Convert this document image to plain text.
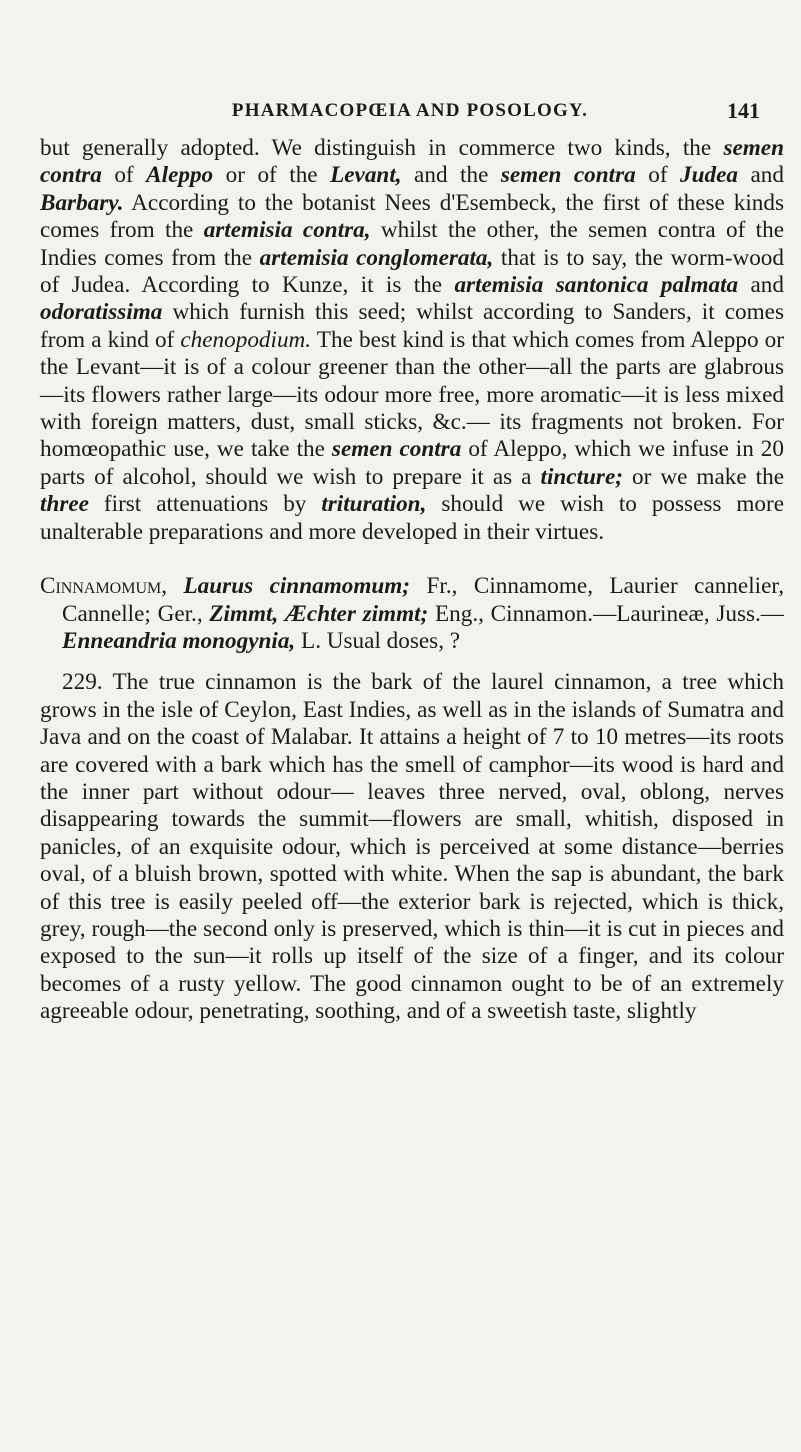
PHARMACOPŒIA AND POSOLOGY.	141

but generally adopted. We distinguish in commerce two kinds, the semen contra of Aleppo or of the Levant, and the semen contra of Judea and Barbary. According to the botanist Nees d'Esembeck, the first of these kinds comes from the artemisia contra, whilst the other, the semen contra of the Indies comes from the artemisia conglomerata, that is to say, the worm-wood of Judea. According to Kunze, it is the artemisia santonica palmata and odoratissima which furnish this seed; whilst according to Sanders, it comes from a kind of chenopodium. The best kind is that which comes from Aleppo or the Levant—it is of a colour greener than the other—all the parts are glabrous—its flowers rather large—its odour more free, more aromatic—it is less mixed with foreign matters, dust, small sticks, &c.— its fragments not broken. For homœopathic use, we take the semen contra of Aleppo, which we infuse in 20 parts of alcohol, should we wish to prepare it as a tincture; or we make the three first attenuations by trituration, should we wish to possess more unalterable preparations and more developed in their virtues.

Cinnamomum, Laurus cinnamomum; Fr., Cinnamome, Laurier cannelier, Cannelle; Ger., Zimmt, Æchter zimmt; Eng., Cinnamon.—Laurineæ, Juss.—Enneandria monogynia, L. Usual doses, ?

229. The true cinnamon is the bark of the laurel cinnamon, a tree which grows in the isle of Ceylon, East Indies, as well as in the islands of Sumatra and Java and on the coast of Malabar. It attains a height of 7 to 10 metres—its roots are covered with a bark which has the smell of camphor—its wood is hard and the inner part without odour— leaves three nerved, oval, oblong, nerves disappearing towards the summit—flowers are small, whitish, disposed in panicles, of an exquisite odour, which is perceived at some distance—berries oval, of a bluish brown, spotted with white. When the sap is abundant, the bark of this tree is easily peeled off—the exterior bark is rejected, which is thick, grey, rough—the second only is preserved, which is thin—it is cut in pieces and exposed to the sun—it rolls up itself of the size of a finger, and its colour becomes of a rusty yellow. The good cinnamon ought to be of an extremely agreeable odour, penetrating, soothing, and of a sweetish taste, slightly
